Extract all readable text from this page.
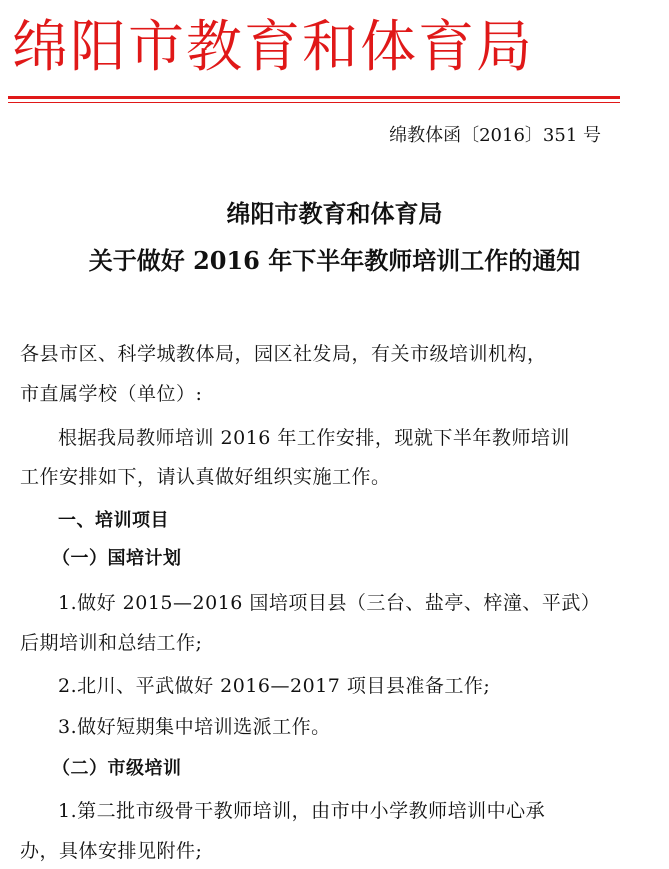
绵阳市教育和体育局
绵教体函〔2016〕351 号
绵阳市教育和体育局
关于做好 2016 年下半年教师培训工作的通知
各县市区、科学城教体局，园区社发局，有关市级培训机构，
市直属学校（单位）:
根据我局教师培训 2016 年工作安排，现就下半年教师培训
工作安排如下，请认真做好组织实施工作。
一、培训项目
（一）国培计划
1.做好 2015—2016 国培项目县（三台、盐亭、梓潼、平武）
后期培训和总结工作;
2.北川、平武做好 2016—2017 项目县准备工作;
3.做好短期集中培训选派工作。
（二）市级培训
1.第二批市级骨干教师培训，由市中小学教师培训中心承
办，具体安排见附件;
